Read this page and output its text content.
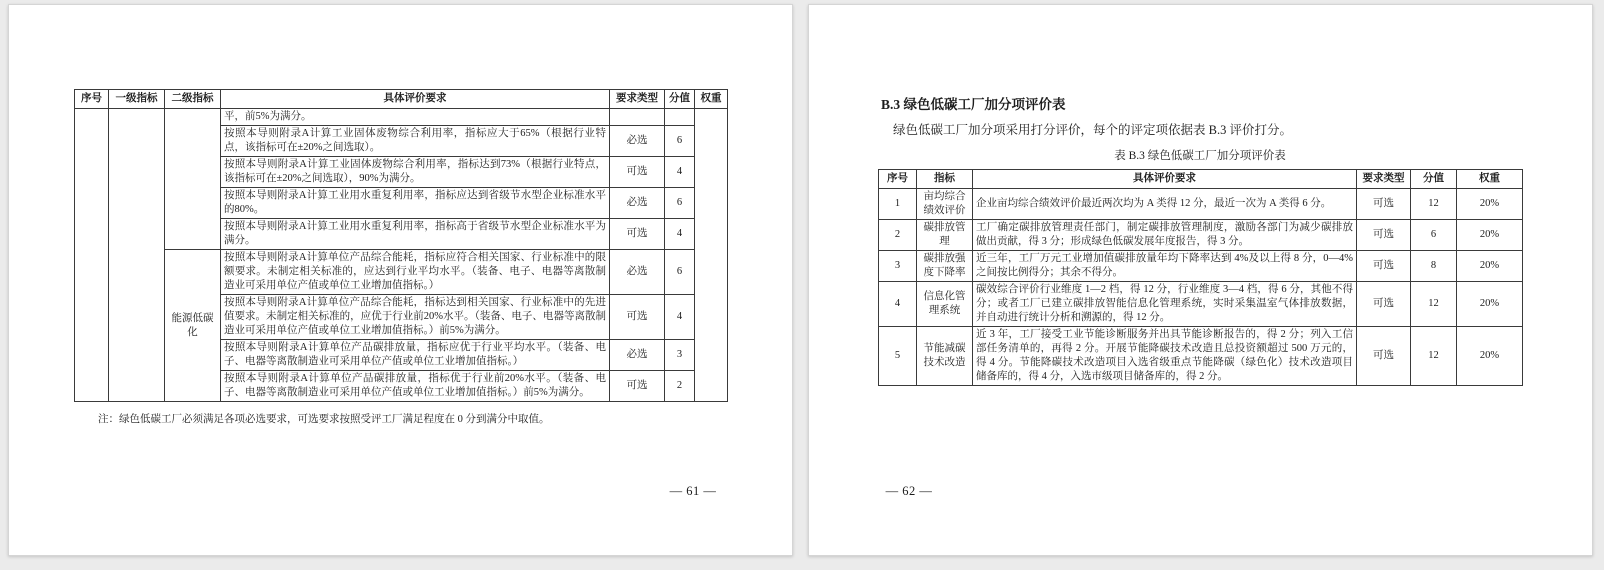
序号	一级指标	二级指标	具体评价要求	要求类型	分值	权重
			平，前5%为满分。			
			按照本导则附录A计算工业固体废物综合利用率，指标应大于65%（根据行业特点，该指标可在±20%之间选取）。	必选	6	
			按照本导则附录A计算工业固体废物综合利用率，指标达到73%（根据行业特点，该指标可在±20%之间选取），90%为满分。	可选	4	
			按照本导则附录A计算工业用水重复利用率，指标应达到省级节水型企业标准水平的80%。	必选	6	
			按照本导则附录A计算工业用水重复利用率，指标高于省级节水型企业标准水平为满分。	可选	4	
		能源低碳化	按照本导则附录A计算单位产品综合能耗，指标应符合相关国家、行业标准中的限额要求。未制定相关标准的，应达到行业平均水平。（装备、电子、电器等离散制造业可采用单位产值或单位工业增加值指标。）	必选	6	
			按照本导则附录A计算单位产品综合能耗，指标达到相关国家、行业标准中的先进值要求。未制定相关标准的，应优于行业前20%水平。（装备、电子、电器等离散制造业可采用单位产值或单位工业增加值指标。）前5%为满分。	可选	4	
			按照本导则附录A计算单位产品碳排放量，指标应优于行业平均水平。（装备、电子、电器等离散制造业可采用单位产值或单位工业增加值指标。）	必选	3	
			按照本导则附录A计算单位产品碳排放量，指标优于行业前20%水平。（装备、电子、电器等离散制造业可采用单位产值或单位工业增加值指标。）前5%为满分。	可选	2	

注：绿色低碳工厂必须满足各项必选要求，可选要求按照受评工厂满足程度在 0 分到满分中取值。

— 61 —
B.3 绿色低碳工厂加分项评价表
绿色低碳工厂加分项采用打分评价，每个的评定项依据表 B.3 评价打分。
表 B.3 绿色低碳工厂加分项评价表
序号	指标	具体评价要求	要求类型	分值	权重
1	亩均综合绩效评价	企业亩均综合绩效评价最近两次均为 A 类得 12 分，最近一次为 A 类得 6 分。	可选	12	20%
2	碳排放管理	工厂确定碳排放管理责任部门，制定碳排放管理制度，激励各部门为减少碳排放做出贡献，得 3 分；形成绿色低碳发展年度报告，得 3 分。	可选	6	20%
3	碳排放强度下降率	近三年，工厂万元工业增加值碳排放量年均下降率达到 4%及以上得 8 分，0—4%之间按比例得分；其余不得分。	可选	8	20%
4	信息化管理系统	碳效综合评价行业维度 1—2 档，得 12 分，行业维度 3—4 档，得 6 分，其他不得分；或者工厂已建立碳排放智能信息化管理系统，实时采集温室气体排放数据，并自动进行统计分析和溯源的，得 12 分。	可选	12	20%
5	节能减碳技术改造	近 3 年，工厂接受工业节能诊断服务并出具节能诊断报告的，得 2 分；列入工信部任务清单的，再得 2 分。开展节能降碳技术改造且总投资额超过 500 万元的，得 4 分。节能降碳技术改造项目入选省级重点节能降碳（绿色化）技术改造项目储备库的，得 4 分，入选市级项目储备库的，得 2 分。	可选	12	20%
— 62 —
